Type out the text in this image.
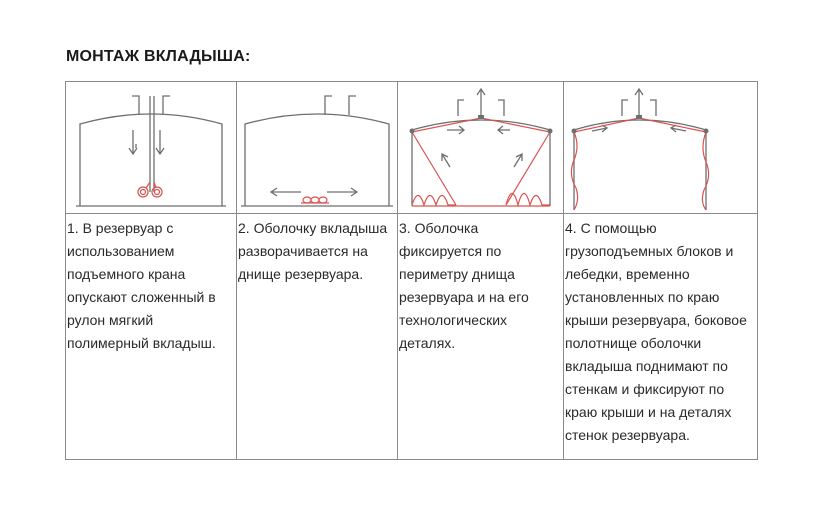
МОНТАЖ ВКЛАДЫША:

1. В резервуар с использованием подъемного крана опускают сложенный в рулон мягкий полимерный вкладыш.	2. Оболочку вкладыша разворачивается на днище резервуара.	3. Оболочка фиксируется по периметру днища резервуара и на его технологических деталях.	4. С помощью грузоподъемных блоков и лебедки, временно установленных по краю крыши резервуара, боковое полотнище оболочки вкладыша поднимают по стенкам и фиксируют по краю крыши и на деталях стенок резервуара.
